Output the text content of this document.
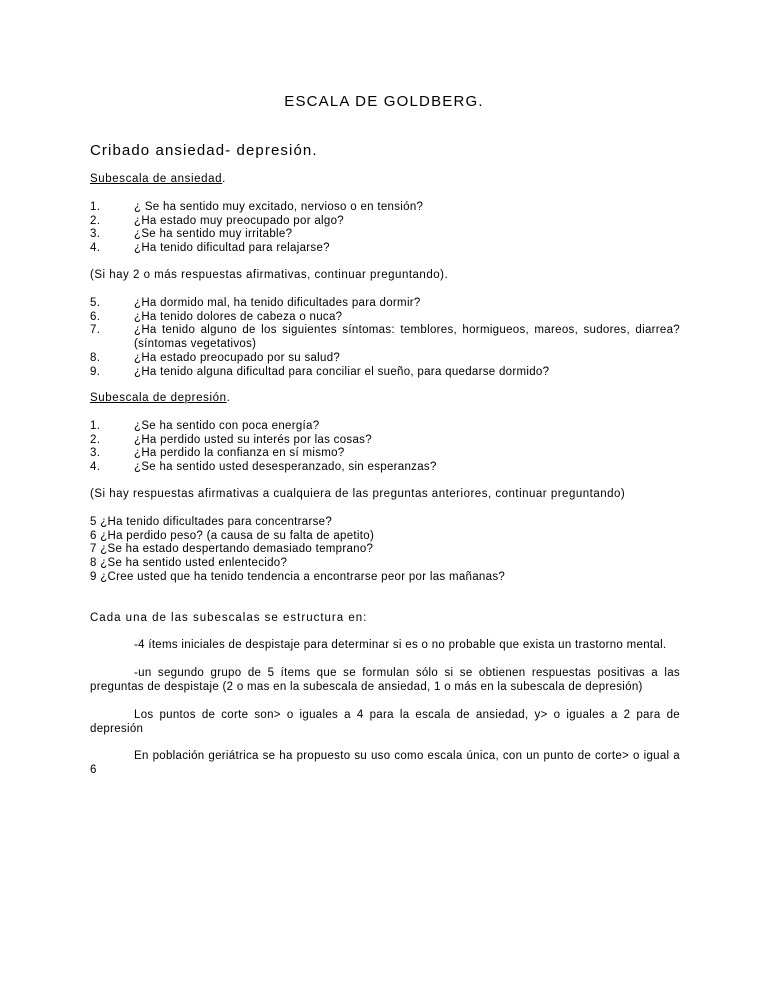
ESCALA DE GOLDBERG.
Cribado ansiedad- depresión.
Subescala de ansiedad.
1.	¿ Se ha sentido muy excitado, nervioso o en tensión?
2.	¿Ha estado muy preocupado por algo?
3.	¿Se ha sentido muy irritable?
4.	¿Ha tenido dificultad para relajarse?
(Si hay 2 o más respuestas afirmativas, continuar preguntando).
5.	¿Ha dormido mal, ha tenido dificultades para dormir?
6.	¿Ha tenido dolores de cabeza o nuca?
7.	¿Ha tenido alguno de los siguientes síntomas: temblores, hormigueos, mareos, sudores, diarrea? (síntomas vegetativos)
8.	¿Ha estado preocupado por su salud?
9.	¿Ha tenido alguna dificultad para conciliar el sueño, para quedarse dormido?
Subescala de depresión.
1.	¿Se ha sentido con poca energía?
2.	¿Ha perdido usted su interés por las cosas?
3.	¿Ha perdido la confianza en sí mismo?
4.	¿Se ha sentido usted desesperanzado, sin esperanzas?
(Si hay respuestas afirmativas a cualquiera de las preguntas anteriores, continuar preguntando)
5 ¿Ha tenido dificultades para concentrarse?
6 ¿Ha perdido peso? (a causa de su falta de apetito)
7 ¿Se ha estado despertando demasiado temprano?
8 ¿Se ha sentido usted enlentecido?
9 ¿Cree usted que ha tenido tendencia a encontrarse peor por las mañanas?
Cada una de las subescalas se estructura en:
-4 ítems iniciales de despistaje para determinar si es o no probable que exista un trastorno mental.
-un segundo grupo de 5 ítems que se formulan sólo si se obtienen respuestas positivas a las preguntas de despistaje (2 o mas en la subescala de ansiedad, 1 o más en la subescala de depresión)
Los puntos de corte son> o iguales a 4 para la escala de ansiedad, y> o iguales a 2 para de depresión
En población geriátrica se ha propuesto su uso como escala única, con un punto de corte> o igual a 6
